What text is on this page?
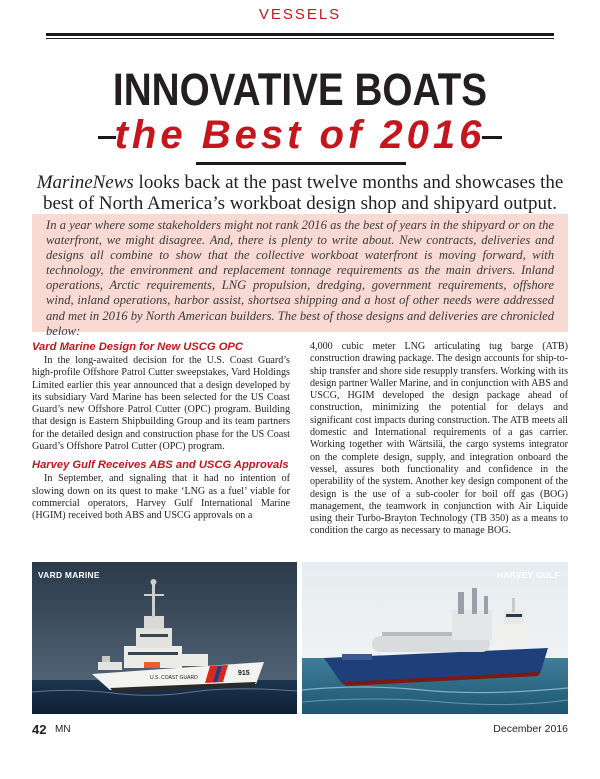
VESSELS
INNOVATIVE BOATS
the Best of 2016
MarineNews looks back at the past twelve months and showcases the
best of North America’s workboat design shop and shipyard output.

In a year where some stakeholders might not rank 2016 as the best of years in the shipyard or on the waterfront, we might disagree. And, there is plenty to write about. New contracts, deliveries and designs all combine to show that the collective workboat waterfront is moving forward, with technology, the environment and replacement tonnage requirements as the main drivers. Inland operations, Arctic requirements, LNG propulsion, dredging, government requirements, offshore wind, inland operations, harbor assist, shortsea shipping and a host of other needs were addressed and met in 2016 by North American builders. The best of those designs and deliveries are chronicled below:

Vard Marine Design for New USCG OPC

In the long-awaited decision for the U.S. Coast Guard’s high-profile Offshore Patrol Cutter sweepstakes, Vard Holdings Limited earlier this year announced that a design developed by its subsidiary Vard Marine has been selected for the US Coast Guard’s new Offshore Patrol Cutter (OPC) program. Building that design is Eastern Shipbuilding Group and its team partners for the detailed design and construction phase for the US Coast Guard’s Offshore Patrol Cutter (OPC) program.

Harvey Gulf Receives ABS and USCG Approvals

In September, and signaling that it had no intention of slowing down on its quest to make ‘LNG as a fuel’ viable for commercial operators, Harvey Gulf International Marine (HGIM) received both ABS and USCG approvals on a

4,000 cubic meter LNG articulating tug barge (ATB) construction drawing package. The design accounts for ship-to-ship transfer and shore side resupply transfers. Working with its design partner Waller Marine, and in conjunction with ABS and USCG, HGIM developed the design package ahead of construction, minimizing the potential for delays and significant cost impacts during construction. The ATB meets all domestic and International requirements of a gas carrier. Working together with Wärtsilä, the cargo systems integrator on the complete design, supply, and integration onboard the vessel, assures both functionality and confidence in the operability of the system. Another key design component of the design is the use of a sub-cooler for boil off gas (BOG) management, the teamwork in conjunction with Air Liquide using their Turbo-Brayton Technology (TB 350) as a means to condition the cargo as necessary to manage BOG.

U.S. COAST GUARD
915
VARD MARINE	HARVEY GULF
42 MN	December 2016
